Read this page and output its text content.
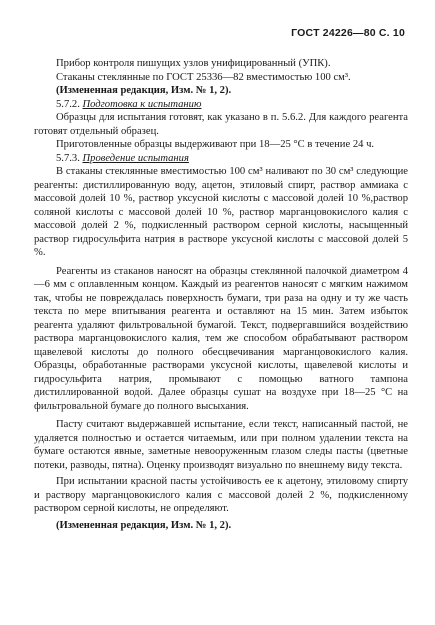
ГОСТ 24226—80 С. 10

Прибор контроля пишущих узлов унифицированный (УПК).

Стаканы стеклянные по ГОСТ 25336—82 вместимостью 100 см³.

(Измененная редакция, Изм. № 1, 2).

5.7.2. Подготовка к испытанию

Образцы для испытания готовят, как указано в п. 5.6.2. Для каждого реагента готовят отдельный образец.

Приготовленные образцы выдерживают при 18—25 °С в течение 24 ч.

5.7.3. Проведение испытания

В стаканы стеклянные вместимостью 100 см³ наливают по 30 см³ следующие реагенты: дистиллированную воду, ацетон, этиловый спирт, раствор аммиака с массовой долей 10 %, раствор уксусной кислоты с массовой долей 10 %,раствор соляной кислоты с массовой долей 10 %, раствор марганцовокислого калия с массовой долей 2 %, подкисленный раствором серной кислоты, насыщенный раствор гидросульфита натрия в растворе уксусной кислоты с массовой долей 5 %.

Реагенты из стаканов наносят на образцы стеклянной палочкой диаметром 4—6 мм с оплавленным концом. Каждый из реагентов наносят с мягким нажимом так, чтобы не повреждалась поверхность бумаги, три раза на одну и ту же часть текста по мере впитывания реагента и оставляют на 15 мин. Затем избыток реагента удаляют фильтровальной бумагой. Текст, подвергавшийся воздействию раствора марганцовокислого калия, тем же способом обрабатывают раствором щавелевой кислоты до полного обесцвечивания марганцовокислого калия. Образцы, обработанные растворами уксусной кислоты, щавелевой кислоты и гидросульфита натрия, промывают с помощью ватного тампона дистиллированной водой. Далее образцы сушат на воздухе при 18—25 °С на фильтровальной бумаге до полного высыхания.

Пасту считают выдержавшей испытание, если текст, написанный пастой, не удаляется полностью и остается читаемым, или при полном удалении текста на бумаге остаются явные, заметные невооруженным глазом следы пасты (цветные потеки, разводы, пятна). Оценку производят визуально по внешнему виду текста.

При испытании красной пасты устойчивость ее к ацетону, этиловому спирту и раствору марганцовокислого калия с массовой долей 2 %, подкисленному раствором серной кислоты, не определяют.

(Измененная редакция, Изм. № 1, 2).
